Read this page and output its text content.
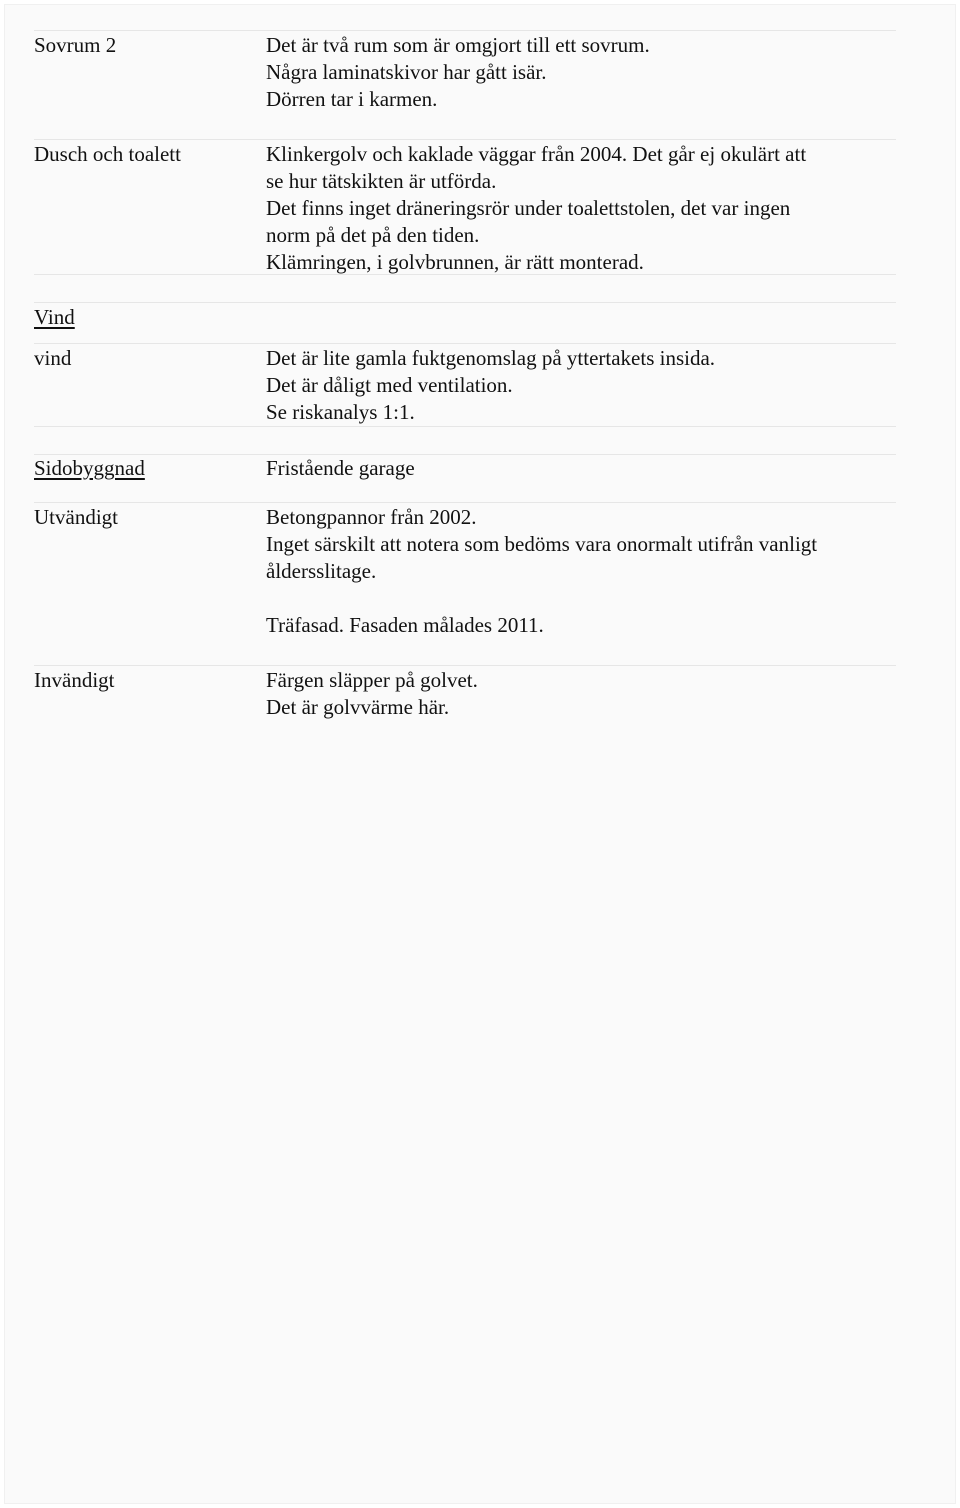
Sovrum 2	Det är två rum som är omgjort till ett sovrum.
Några laminatskivor har gått isär.
Dörren tar i karmen.
Dusch och toalett	Klinkergolv och kaklade väggar från 2004. Det går ej okulärt att
se hur tätskikten är utförda.
Det finns inget dräneringsrör under toalettstolen, det var ingen
norm på det på den tiden.
Klämringen, i golvbrunnen, är rätt monterad.
Vind
vind	Det är lite gamla fuktgenomslag på yttertakets insida.
Det är dåligt med ventilation.
Se riskanalys 1:1.
Sidobyggnad	Fristående garage
Utvändigt	Betongpannor från 2002.
Inget särskilt att notera som bedöms vara onormalt utifrån vanligt
åldersslitage.
Träfasad. Fasaden målades 2011.
Invändigt	Färgen släpper på golvet.
Det är golvvärme här.
